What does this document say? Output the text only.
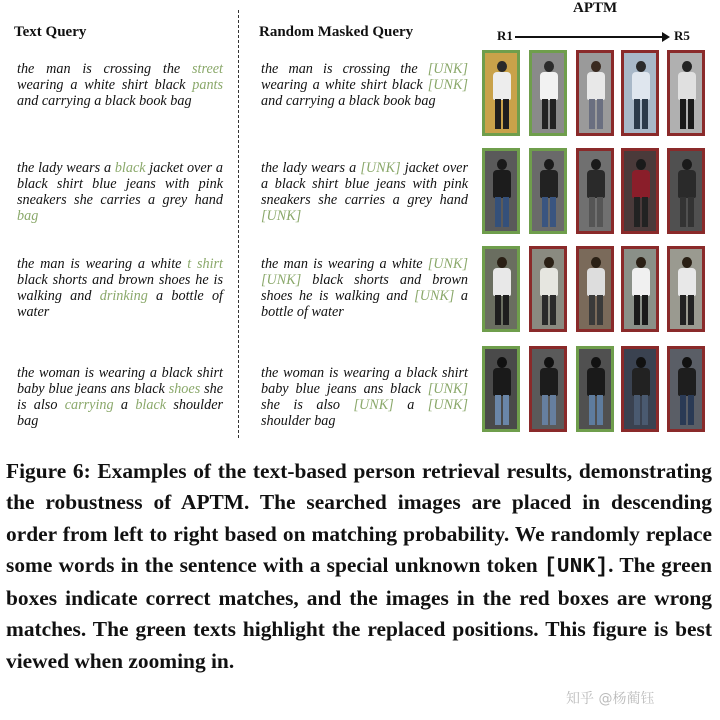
Text Query	Random Masked Query
APTM
R1	R5
the man is crossing the street wearing a white shirt black pants and carrying a black book bag
the man is crossing the [UNK] wearing a white shirt black [UNK] and carrying a black book bag
the lady wears a black jacket over a black shirt blue jeans with pink sneakers she carries a grey hand bag
the lady wears a [UNK] jacket over a black shirt blue jeans with pink sneakers she carries a grey hand [UNK]
the man is wearing a white t shirt black shorts and brown shoes he is walking and drinking a bottle of water
the man is wearing a white [UNK] [UNK] black shorts and brown shoes he is walking and [UNK] a bottle of water
the woman is wearing a black shirt baby blue jeans ans black shoes she is also carrying a black shoulder bag
the woman is wearing a black shirt baby blue jeans ans black [UNK] she is also [UNK] a [UNK] shoulder bag
Figure 6: Examples of the text-based person retrieval results, demonstrating the robustness of APTM. The searched images are placed in descending order from left to right based on matching probability. We randomly replace some words in the sentence with a special unknown token [UNK]. The green boxes indicate correct matches, and the images in the red boxes are wrong matches. The green texts highlight the replaced positions. This figure is best viewed when zooming in.
知乎 @杨蔺钰
